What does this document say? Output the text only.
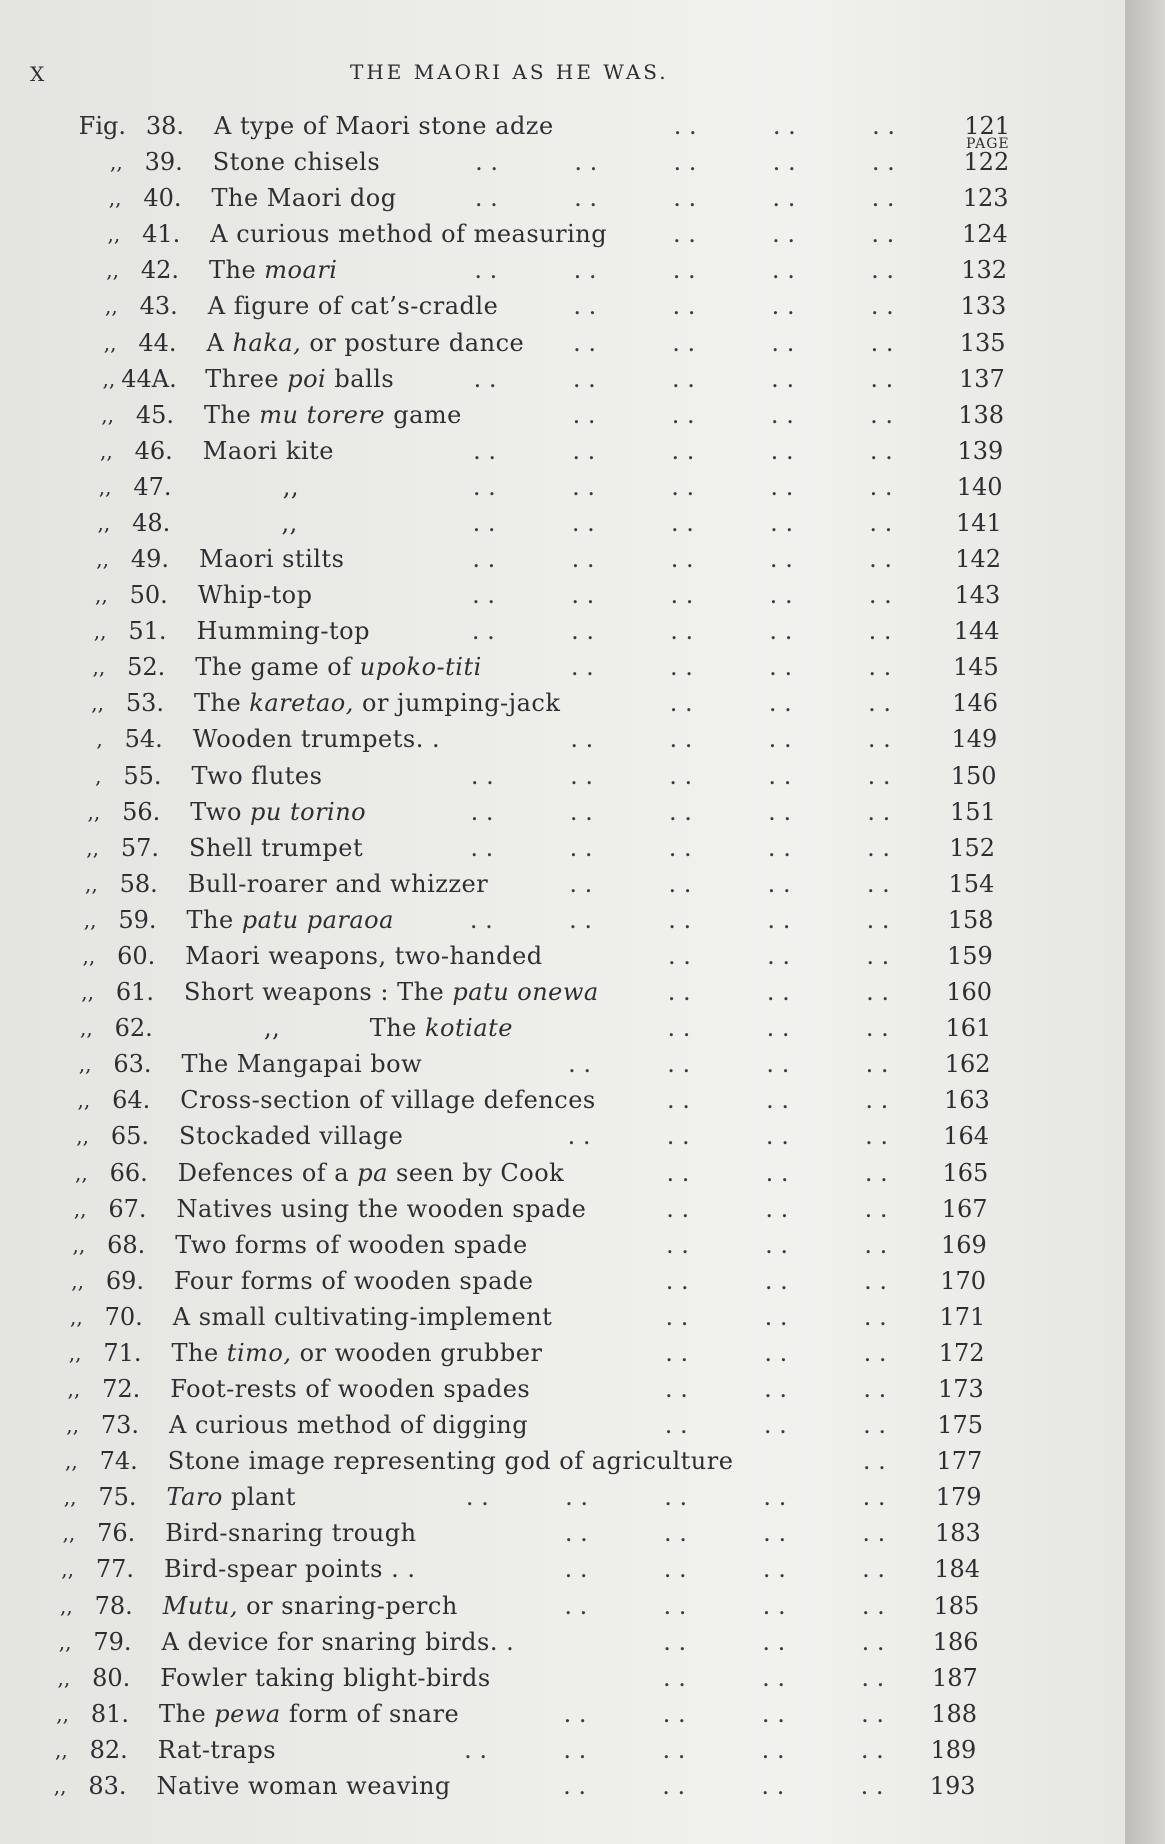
X	THE MAORI AS HE WAS.
PAGE
Fig. 38. A type of Maori stone adze	. .          . .          . .	121
,, 39. Stone chisels	. .          . .          . .          . .          . .	122
,, 40. The Maori dog	. .          . .          . .          . .          . .	123
,, 41. A curious method of measuring	. .          . .          . .	124
,, 42. The moari	. .          . .          . .          . .          . .	132
,, 43. A figure of cat’s-cradle	. .          . .          . .          . .	133
,, 44. A haka, or posture dance . .          . .          . .          . .	135
,, 44A. Three poi balls	. .          . .          . .          . .          . .	137
,, 45. The mu torere game	. .          . .          . .          . .	138
,, 46. Maori kite	. .          . .          . .          . .          . .	139
,, 47. ,,	. .          . .          . .          . .          . .	140
,, 48. ,,	. .          . .          . .          . .          . .	141
,, 49. Maori stilts	. .          . .          . .          . .          . .	142
,, 50. Whip-top	. .          . .          . .          . .          . .	143
,, 51. Humming-top	. .          . .          . .          . .          . .	144
,, 52. The game of upoko-titi	. .          . .          . .          . .	145
,, 53. The karetao, or jumping-jack	. .          . .          . .	146
, 54. Wooden trumpets. .	. .          . .          . .          . .	149
, 55. Two flutes	. .          . .          . .          . .          . .	150
,, 56. Two pu torino	. .          . .          . .          . .          . .	151
,, 57. Shell trumpet	. .          . .          . .          . .          . .	152
,, 58. Bull-roarer and whizzer	. .          . .          . .          . .	154
,, 59. The patu paraoa	. .          . .          . .          . .          . .	158
,, 60. Maori weapons, two-handed	. .          . .          . .	159
,, 61. Short weapons : The patu onewa	. .          . .          . .	160
,, 62. ,,           The kotiate	. .          . .          . .	161
,, 63. The Mangapai bow	. .          . .          . .          . .	162
,, 64. Cross-section of village defences	. .          . .          . .	163
,, 65. Stockaded village	. .          . .          . .          . .	164
,, 66. Defences of a pa seen by Cook	. .          . .          . .	165
,, 67. Natives using the wooden spade	. .          . .          . .	167
,, 68. Two forms of wooden spade	. .          . .          . .	169
,, 69. Four forms of wooden spade	. .          . .          . .	170
,, 70. A small cultivating-implement	. .          . .          . .	171
,, 71. The timo, or wooden grubber	. .          . .          . .	172
,, 72. Foot-rests of wooden spades	. .          . .          . .	173
,, 73. A curious method of digging	. .          . .          . .	175
,, 74. Stone image representing god of agriculture	. .	177
,, 75. Taro plant	. .          . .          . .          . .          . .	179
,, 76. Bird-snaring trough	. .          . .          . .          . .	183
,, 77. Bird-spear points . .	. .          . .          . .          . .	184
,, 78. Mutu, or snaring-perch	. .          . .          . .          . .	185
,, 79. A device for snaring birds. .	. .          . .          . .	186
,, 80. Fowler taking blight-birds	. .          . .          . .	187
,, 81. The pewa form of snare	. .          . .          . .          . .	188
,, 82. Rat-traps	. .          . .          . .          . .          . .	189
,, 83. Native woman weaving	. .          . .          . .          . .	193
